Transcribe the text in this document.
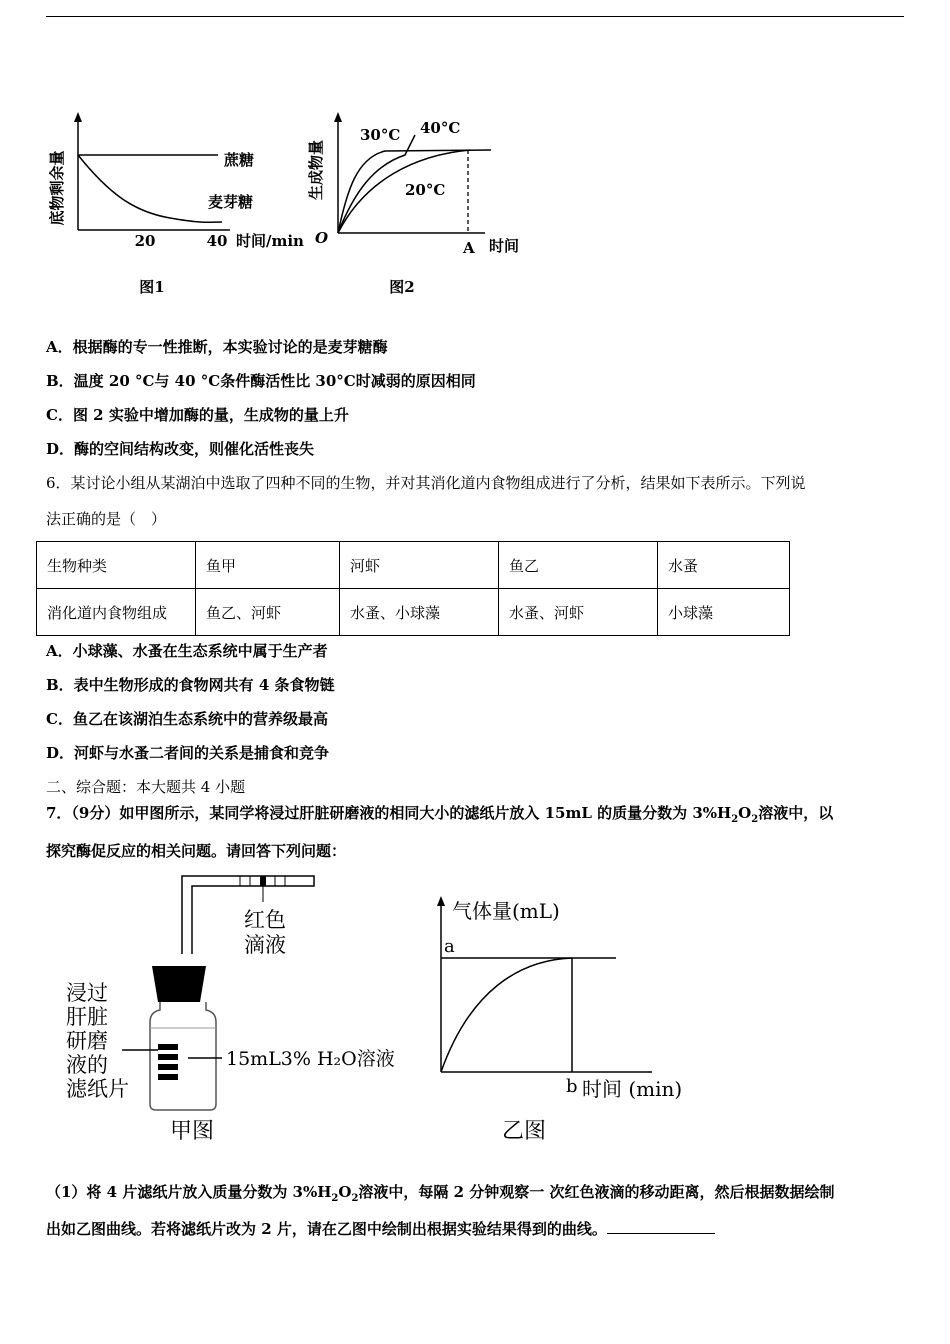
底物剩余量
20	40 时间/min
蔗糖
麦芽糖
图1
生成物量
O
A 时间
30°C 40°C
20°C
图2
A．根据酶的专一性推断，本实验讨论的是麦芽糖酶
B．温度 20 °C与 40 °C条件酶活性比 30°C时减弱的原因相同
C．图 2 实验中增加酶的量，生成物的量上升
D．酶的空间结构改变，则催化活性丧失
6．某讨论小组从某湖泊中选取了四种不同的生物，并对其消化道内食物组成进行了分析，结果如下表所示。下列说
法正确的是（　）
生物种类	鱼甲	河虾	鱼乙	水蚤
消化道内食物组成	鱼乙、河虾	水蚤、小球藻	水蚤、河虾	小球藻
A．小球藻、水蚤在生态系统中属于生产者
B．表中生物形成的食物网共有 4 条食物链
C．鱼乙在该湖泊生态系统中的营养级最高
D．河虾与水蚤二者间的关系是捕食和竞争
二、综合题：本大题共 4 小题
7．（9分）如甲图所示，某同学将浸过肝脏研磨液的相同大小的滤纸片放入 15mL 的质量分数为 $3\%H_2O_2$溶液中，以
探究酶促反应的相关问题。请回答下列问题：
红色
滴液
浸过
肝脏
研磨
液的
滤纸片
15mL3% H₂O溶液
甲图
气体量(mL)
a
b 时间 (min)
乙图
（1）将 4 片滤纸片放入质量分数为 $3\%H_2O_2$溶液中，每隔 2 分钟观察一 次红色液滴的移动距离，然后根据数据绘制
出如乙图曲线。若将滤纸片改为 2 片，请在乙图中绘制出根据实验结果得到的曲线。
